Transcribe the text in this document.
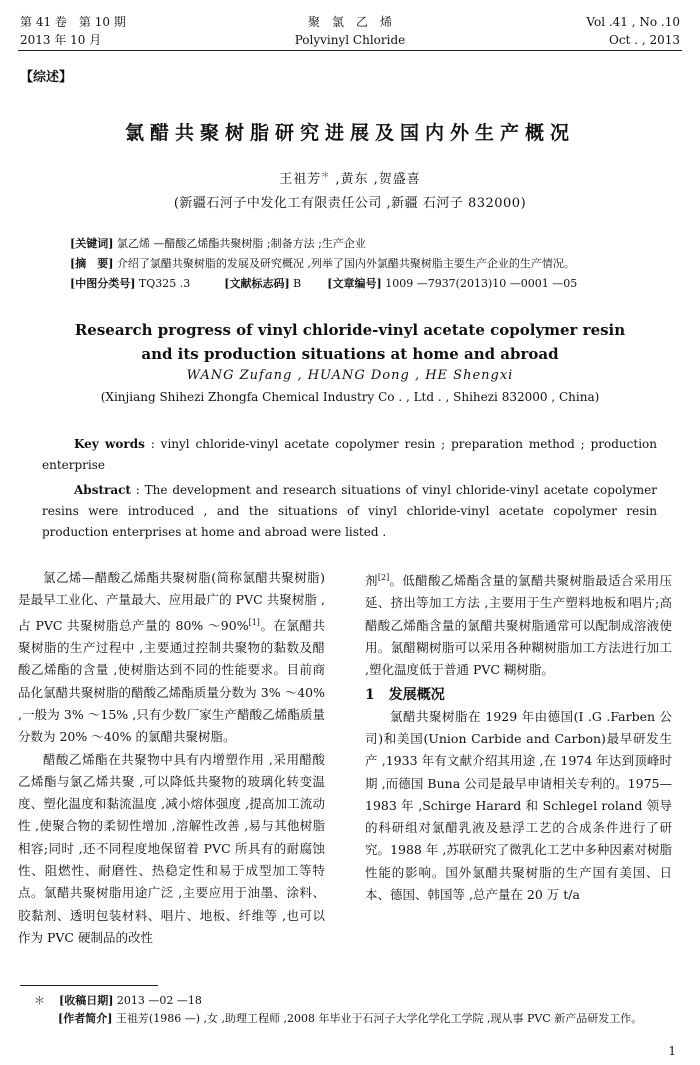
第 41 卷　第 10 期
2013 年 10 月
聚　氯　乙　烯
Polyvinyl Chloride
Vol .41 , No .10
Oct . , 2013
【综述】
氯醋共聚树脂研究进展及国内外生产概况
王祖芳＊ ,黄东 ,贺盛喜
(新疆石河子中发化工有限责任公司 ,新疆 石河子 832000)
[关键词] 氯乙烯 —醋酸乙烯酯共聚树脂 ;制备方法 ;生产企业
[摘　要] 介绍了氯醋共聚树脂的发展及研究概况 ,列举了国内外氯醋共聚树脂主要生产企业的生产情况。
[中图分类号] TQ325 .3	[文献标志码] B [文章编号] 1009 —7937(2013)10 —0001 —05
Research progress of vinyl chloride-vinyl acetate copolymer resin
and its production situations at home and abroad
WANG Zufang , HUANG Dong , HE Shengxi
(Xinjiang Shihezi Zhongfa Chemical Industry Co . , Ltd . , Shihezi 832000 , China)
Key words : vinyl chloride-vinyl acetate copolymer resin ; preparation method ; production enterprise
Abstract : The development and research situations of vinyl chloride-vinyl acetate copolymer resins were introduced , and the situations of vinyl chloride-vinyl acetate copolymer resin production enterprises at home and abroad were listed .

氯乙烯—醋酸乙烯酯共聚树脂(简称氯醋共聚树脂)是最早工业化、产量最大、应用最广的 PVC 共聚树脂 ,占 PVC 共聚树脂总产量的 80% ～90%[1]。在氯醋共聚树脂的生产过程中 ,主要通过控制共聚物的黏数及醋酸乙烯酯的含量 ,使树脂达到不同的性能要求。目前商品化氯醋共聚树脂的醋酸乙烯酯质量分数为 3% ～40% ,一般为 3% ～15% ,只有少数厂家生产醋酸乙烯酯质量分数为 20% ～40% 的氯醋共聚树脂。

醋酸乙烯酯在共聚物中具有内增塑作用 ,采用醋酸乙烯酯与氯乙烯共聚 ,可以降低共聚物的玻璃化转变温度、塑化温度和黏流温度 ,减小熔体强度 ,提高加工流动性 ,使聚合物的柔韧性增加 ,溶解性改善 ,易与其他树脂相容;同时 ,还不同程度地保留着 PVC 所具有的耐腐蚀性、阻燃性、耐磨性、热稳定性和易于成型加工等特点。氯醋共聚树脂用途广泛 ,主要应用于油墨、涂料、胶黏剂、透明包装材料、唱片、地板、纤维等 ,也可以作为 PVC 硬制品的改性

剂[2]。低醋酸乙烯酯含量的氯醋共聚树脂最适合采用压延、挤出等加工方法 ,主要用于生产塑料地板和唱片;高醋酸乙烯酯含量的氯醋共聚树脂通常可以配制成溶液使用。氯醋糊树脂可以采用各种糊树脂加工方法进行加工 ,塑化温度低于普通 PVC 糊树脂。

1 发展概况

氯醋共聚树脂在 1929 年由德国(I .G .Farben 公司)和美国(Union Carbide and Carbon)最早研发生产 ,1933 年有文献介绍其用途 ,在 1974 年达到顶峰时期 ,而德国 Buna 公司是最早申请相关专利的。1975—1983 年 ,Schirge Harard 和 Schlegel roland 领导的科研组对氯醋乳液及悬浮工艺的合成条件进行了研究。1988 年 ,苏联研究了微乳化工艺中多种因素对树脂性能的影响。国外氯醋共聚树脂的生产国有美国、日本、德国、韩国等 ,总产量在 20 万 t/a

＊ [收稿日期] 2013 —02 —18
[作者简介] 王祖芳(1986 —) ,女 ,助理工程师 ,2008 年毕业于石河子大学化学化工学院 ,现从事 PVC 新产品研发工作。
1
